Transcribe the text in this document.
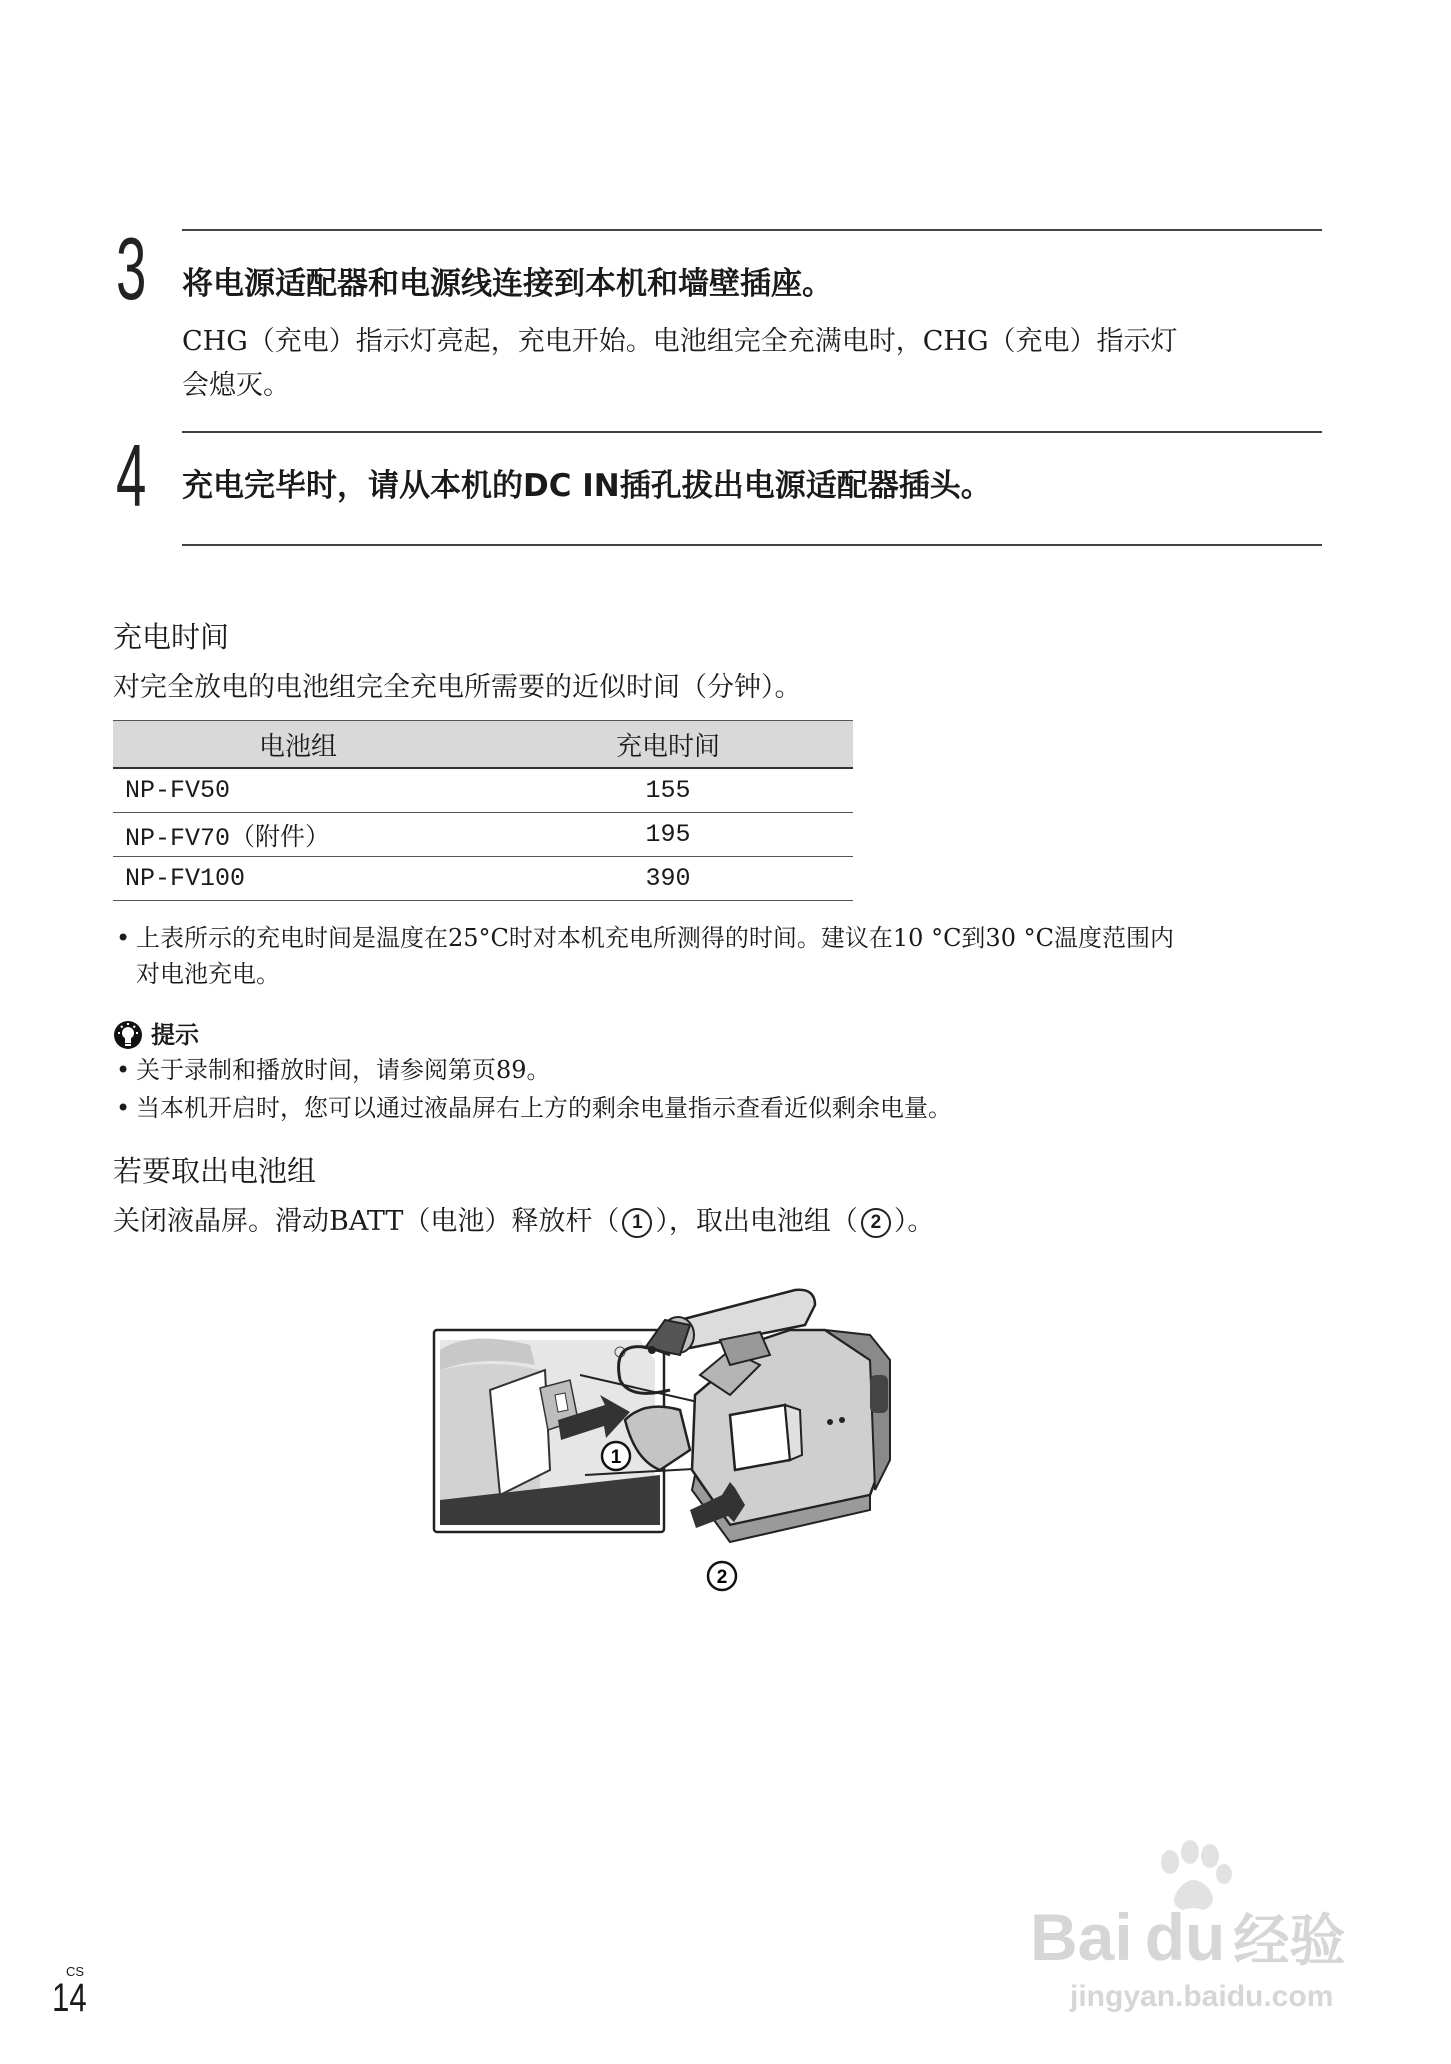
3 将电源适配器和电源线连接到本机和墙壁插座。
CHG（充电）指示灯亮起，充电开始。电池组完全充满电时，CHG（充电）指示灯
会熄灭。
4 充电完毕时，请从本机的DC IN插孔拔出电源适配器插头。
充电时间
对完全放电的电池组完全充电所需要的近似时间（分钟）。
电池组	充电时间
NP-FV50	155
NP-FV70（附件）	195
NP-FV100	390
• 上表所示的充电时间是温度在25°C时对本机充电所测得的时间。建议在10 °C到30 °C温度范围内
对电池充电。
提示
• 关于录制和播放时间，请参阅第页89。
• 当本机开启时，您可以通过液晶屏右上方的剩余电量指示查看近似剩余电量。
若要取出电池组
关闭液晶屏。滑动BATT（电池）释放杆（ 1 ），取出电池组（ 2 ）。
1
2
CS
14
Bai du 经验
jingyan.baidu.com
